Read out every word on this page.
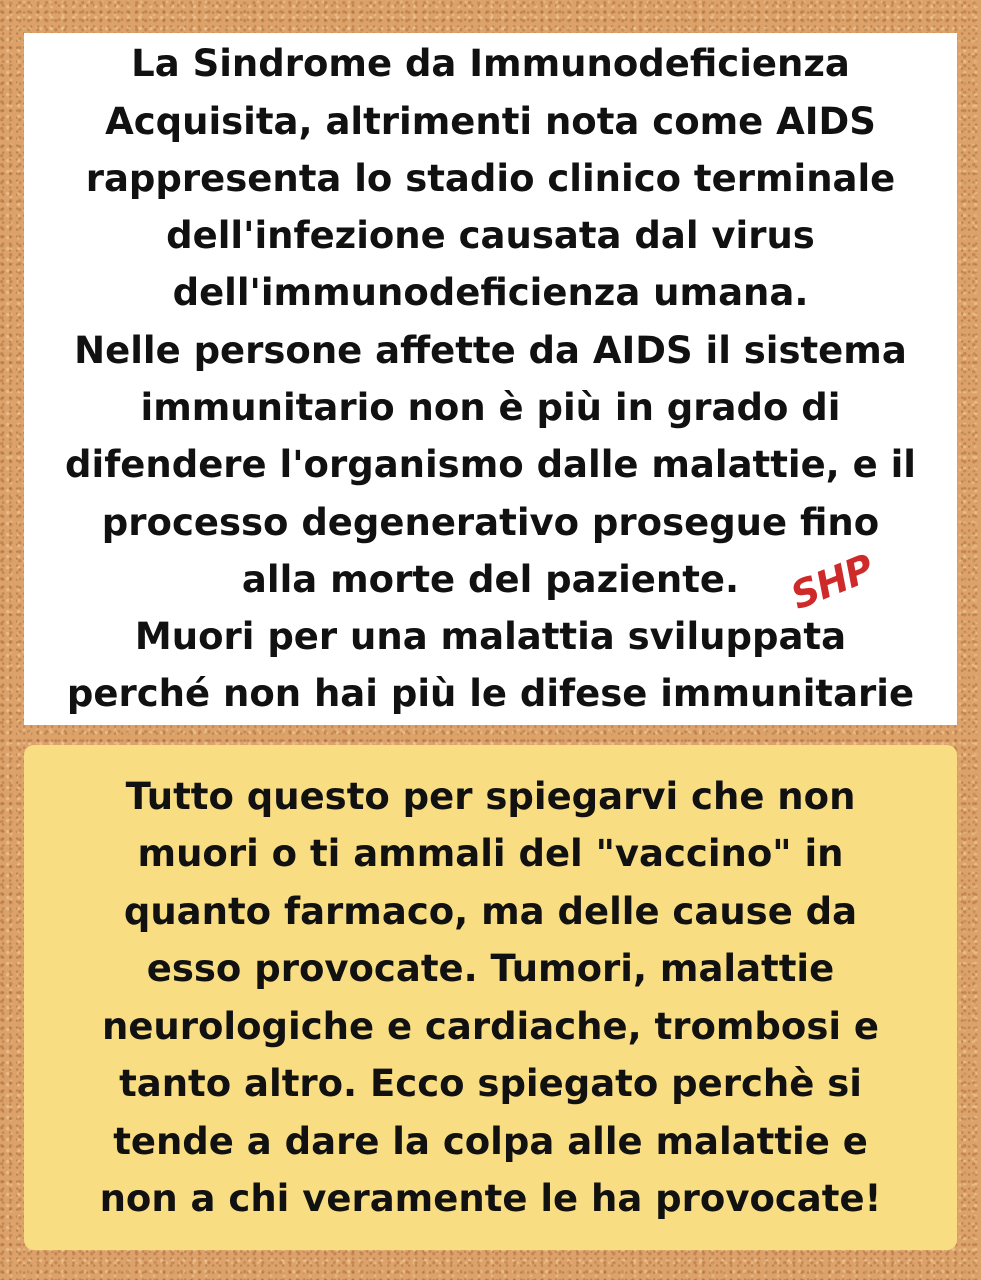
La Sindrome da Immunodeficienza
Acquisita, altrimenti nota come AIDS
rappresenta lo stadio clinico terminale
dell'infezione causata dal virus
dell'immunodeficienza umana.
Nelle persone affette da AIDS il sistema
immunitario non è più in grado di
difendere l'organismo dalle malattie, e il
processo degenerativo prosegue fino
alla morte del paziente.
Muori per una malattia sviluppata
perché non hai più le difese immunitarie
SHP
Tutto questo per spiegarvi che non
muori o ti ammali del "vaccino" in
quanto farmaco, ma delle cause da
esso provocate. Tumori, malattie
neurologiche e cardiache, trombosi e
tanto altro. Ecco spiegato perchè si
tende a dare la colpa alle malattie e
non a chi veramente le ha provocate!
